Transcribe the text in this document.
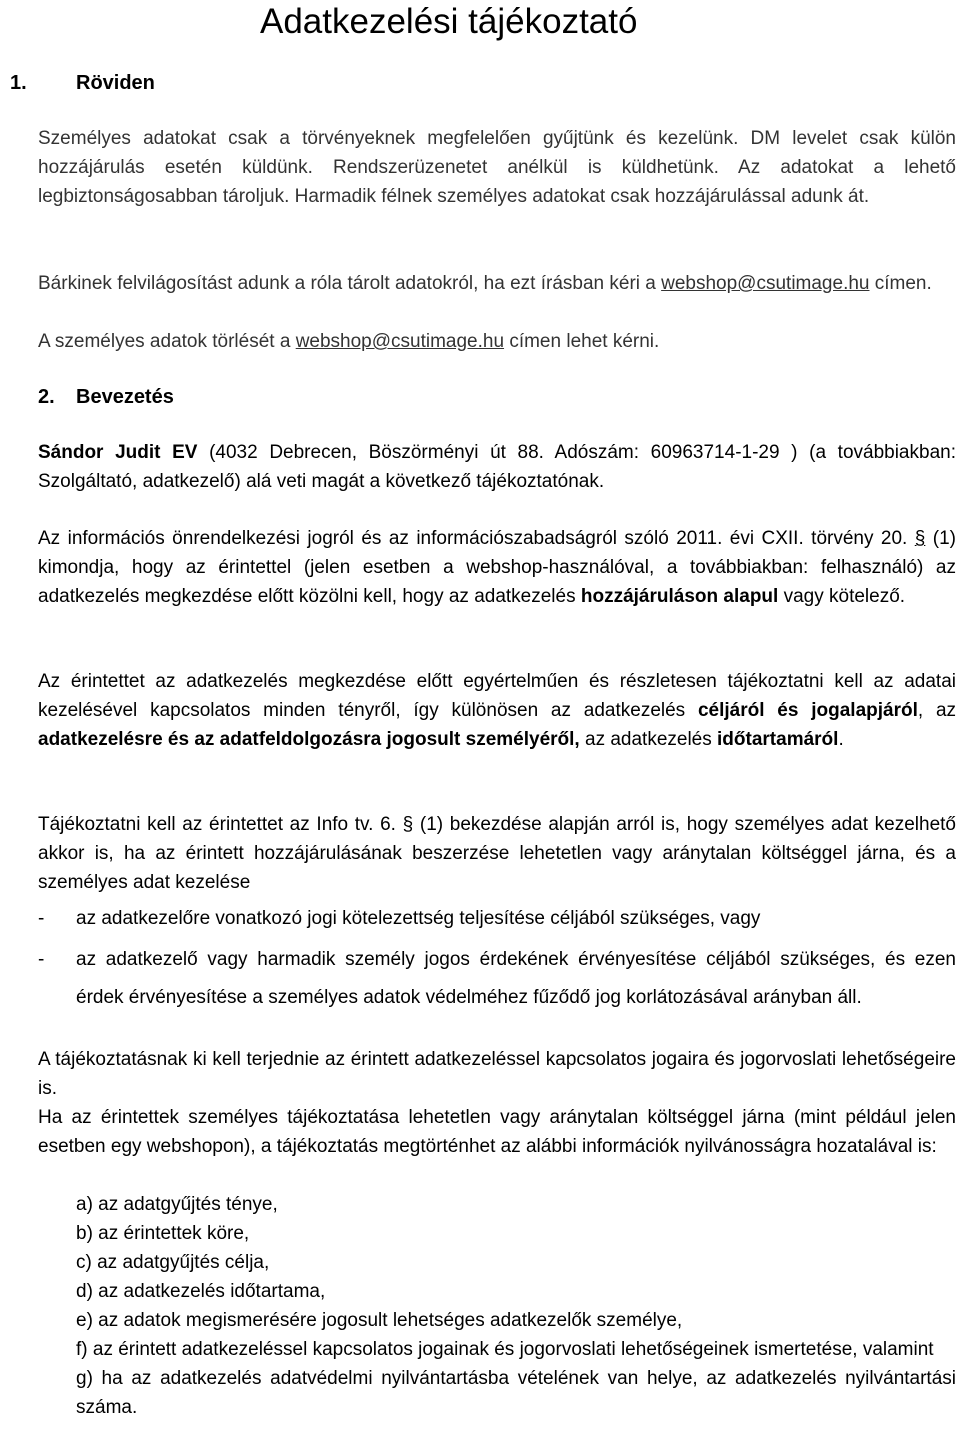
Adatkezelési tájékoztató
1. Röviden

Személyes adatokat csak a törvényeknek megfelelően gyűjtünk és kezelünk. DM levelet csak külön hozzájárulás esetén küldünk. Rendszerüzenetet anélkül is küldhetünk. Az adatokat a lehető legbiztonságosabban tároljuk. Harmadik félnek személyes adatokat csak hozzájárulással adunk át.

Bárkinek felvilágosítást adunk a róla tárolt adatokról, ha ezt írásban kéri a webshop@csutimage.hu címen.

A személyes adatok törlését a webshop@csutimage.hu címen lehet kérni.

2. Bevezetés

Sándor Judit EV (4032 Debrecen, Böszörményi út 88. Adószám: 60963714-1-29 ) (a továbbiakban: Szolgáltató, adatkezelő) alá veti magát a következő tájékoztatónak.

Az információs önrendelkezési jogról és az információszabadságról szóló 2011. évi CXII. törvény 20. § (1) kimondja, hogy az érintettel (jelen esetben a webshop-használóval, a továbbiakban: felhasználó) az adatkezelés megkezdése előtt közölni kell, hogy az adatkezelés hozzájáruláson alapul vagy kötelező.

Az érintettet az adatkezelés megkezdése előtt egyértelműen és részletesen tájékoztatni kell az adatai kezelésével kapcsolatos minden tényről, így különösen az adatkezelés céljáról és jogalapjáról, az adatkezelésre és az adatfeldolgozásra jogosult személyéről, az adatkezelés időtartamáról.

Tájékoztatni kell az érintettet az Info tv. 6. § (1) bekezdése alapján arról is, hogy személyes adat kezelhető akkor is, ha az érintett hozzájárulásának beszerzése lehetetlen vagy aránytalan költséggel járna, és a személyes adat kezelése

-	az adatkezelőre vonatkozó jogi kötelezettség teljesítése céljából szükséges, vagy
-	az adatkezelő vagy harmadik személy jogos érdekének érvényesítése céljából szükséges, és ezen érdek érvényesítése a személyes adatok védelméhez fűződő jog korlátozásával arányban áll.

A tájékoztatásnak ki kell terjednie az érintett adatkezeléssel kapcsolatos jogaira és jogorvoslati lehetőségeire is.

Ha az érintettek személyes tájékoztatása lehetetlen vagy aránytalan költséggel járna (mint például jelen esetben egy webshopon), a tájékoztatás megtörténhet az alábbi információk nyilvánosságra hozatalával is:

a) az adatgyűjtés ténye,

b) az érintettek köre,

c) az adatgyűjtés célja,

d) az adatkezelés időtartama,

e) az adatok megismerésére jogosult lehetséges adatkezelők személye,

f) az érintett adatkezeléssel kapcsolatos jogainak és jogorvoslati lehetőségeinek ismertetése, valamint

g) ha az adatkezelés adatvédelmi nyilvántartásba vételének van helye, az adatkezelés nyilvántartási száma.
